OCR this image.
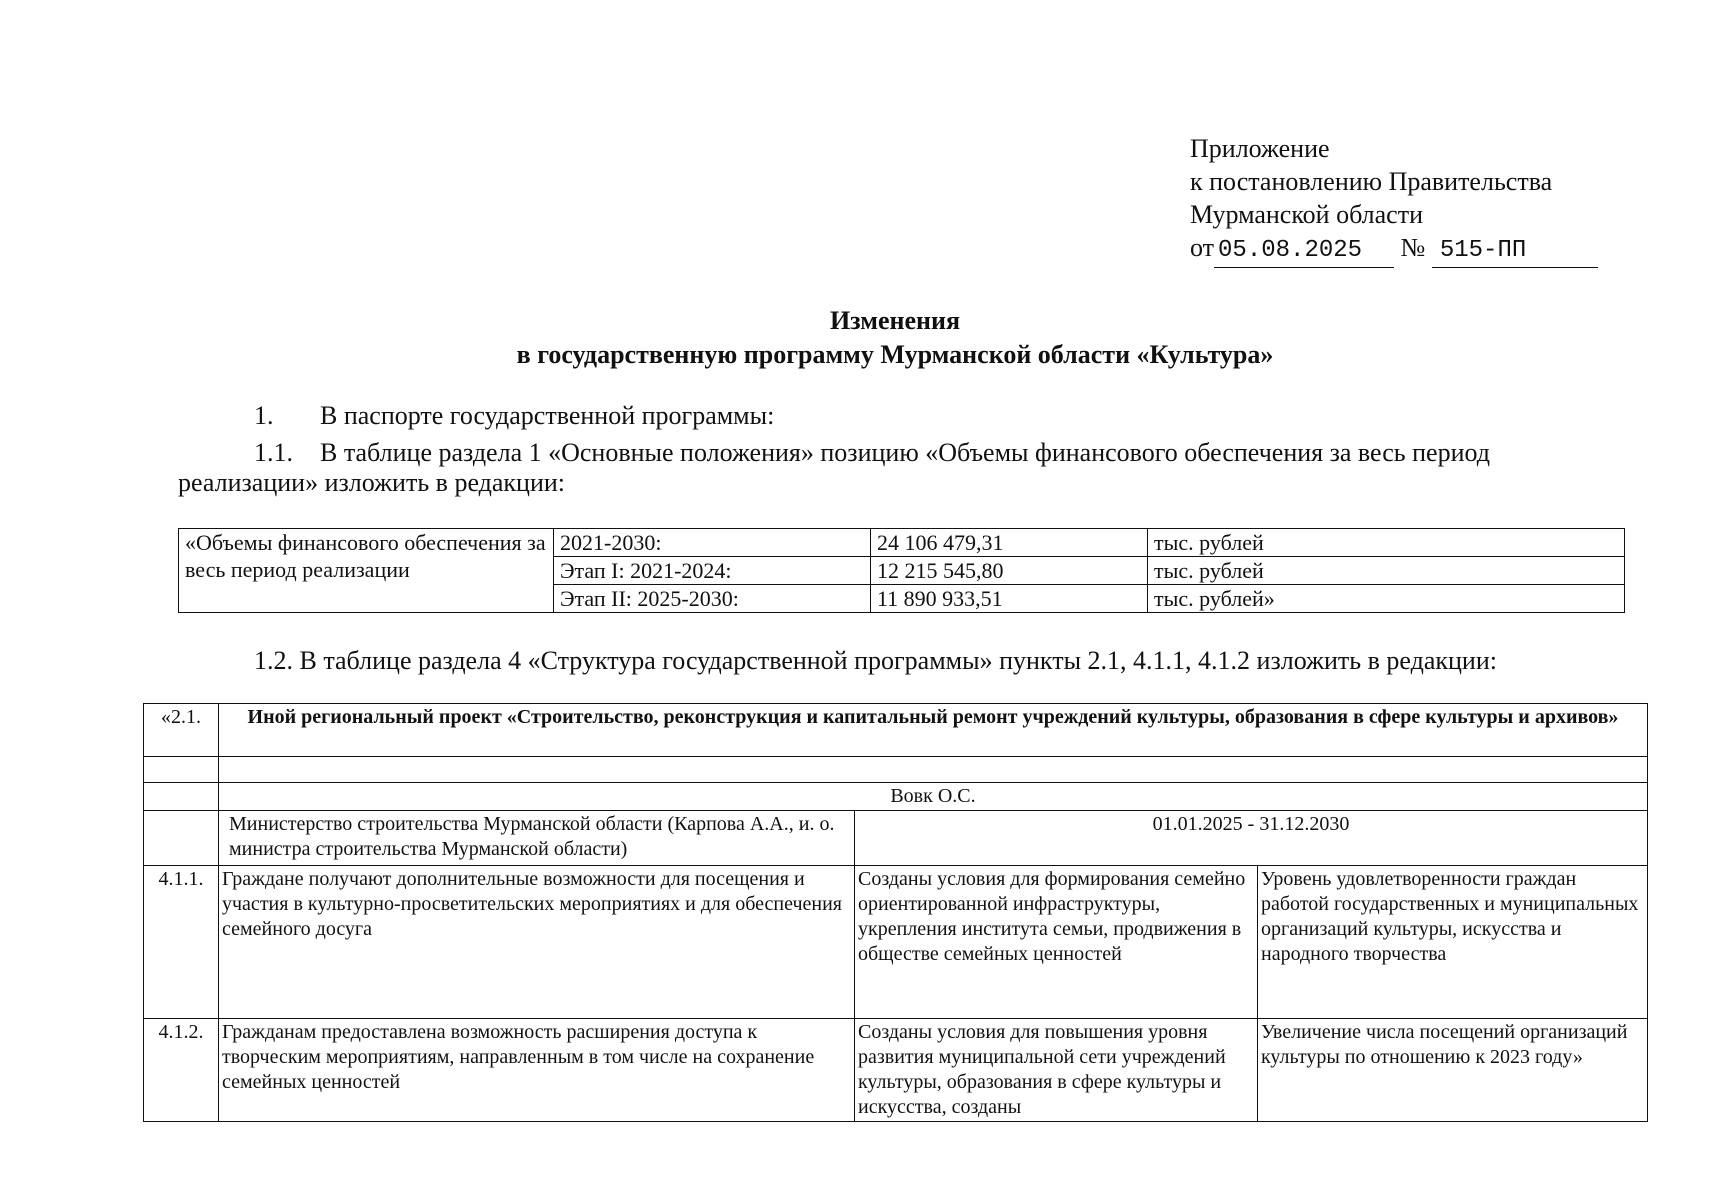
Приложение
к постановлению Правительства
Мурманской области
от 05.08.2025 № 515-ПП
Изменения
в государственную программу Мурманской области «Культура»
1. В паспорте государственной программы:
1.1. В таблице раздела 1 «Основные положения» позицию «Объемы финансового обеспечения за весь период
реализации» изложить в редакции:
«Объемы финансового обеспечения за весь период реализации	2021-2030:	24 106 479,31	тыс. рублей
	Этап I: 2021-2024:	12 215 545,80	тыс. рублей
	Этап II: 2025-2030:	11 890 933,51	тыс. рублей»
1.2. В таблице раздела 4 «Структура государственной программы» пункты 2.1, 4.1.1, 4.1.2 изложить в редакции:
«2.1.	Иной региональный проект «Строительство, реконструкция и капитальный ремонт учреждений культуры, образования в сфере культуры и архивов»		

	Вовк О.С.		
	Министерство строительства Мурманской области (Карпова А.А., и. о. министра строительства Мурманской области)	01.01.2025 - 31.12.2030	
4.1.1.	Граждане получают дополнительные возможности для посещения и участия в культурно-просветительских мероприятиях и для обеспечения семейного досуга	Созданы условия для формирования семейно ориентированной инфраструктуры, укрепления института семьи, продвижения в обществе семейных ценностей	Уровень удовлетворенности граждан работой государственных и муниципальных организаций культуры, искусства и народного творчества
4.1.2.	Гражданам предоставлена возможность расширения доступа к творческим мероприятиям, направленным в том числе на сохранение семейных ценностей	Созданы условия для повышения уровня развития муниципальной сети учреждений культуры, образования в сфере культуры и искусства, созданы	Увеличение числа посещений организаций культуры по отношению к 2023 году»
